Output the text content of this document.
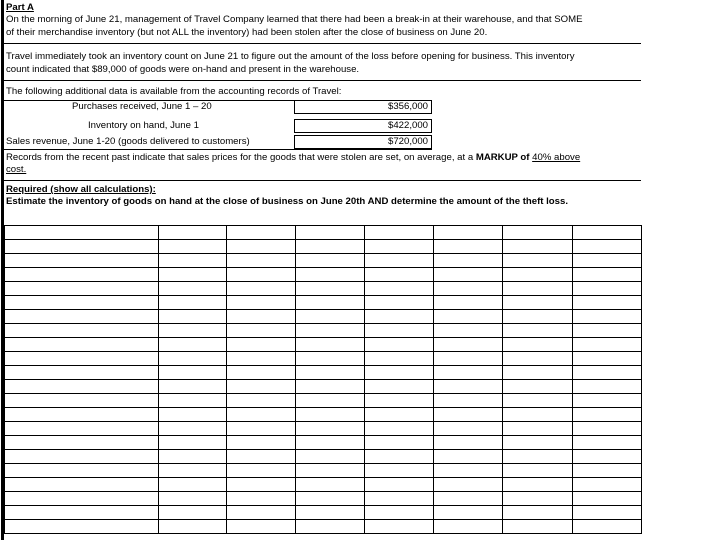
Part A
On the morning of June 21, management of Travel Company learned that there had been a break-in at their warehouse, and that SOME
of their merchandise inventory (but not ALL the inventory) had been stolen after the close of business on June 20.
Travel immediately took an inventory count on June 21 to figure out the amount of the loss before opening for business. This inventory
count indicated that $89,000 of goods were on-hand and present in the warehouse.
The following additional data is available from the accounting records of Travel:
Purchases received, June 1 – 20	$356,000
Inventory on hand, June 1	$422,000
Sales revenue, June 1-20 (goods delivered to customers)	$720,000
Records from the recent past indicate that sales prices for the goods that were stolen are set, on average, at a MARKUP of 40% above
cost.
Required (show all calculations):
Estimate the inventory of goods on hand at the close of business on June 20th AND determine the amount of the theft loss.
